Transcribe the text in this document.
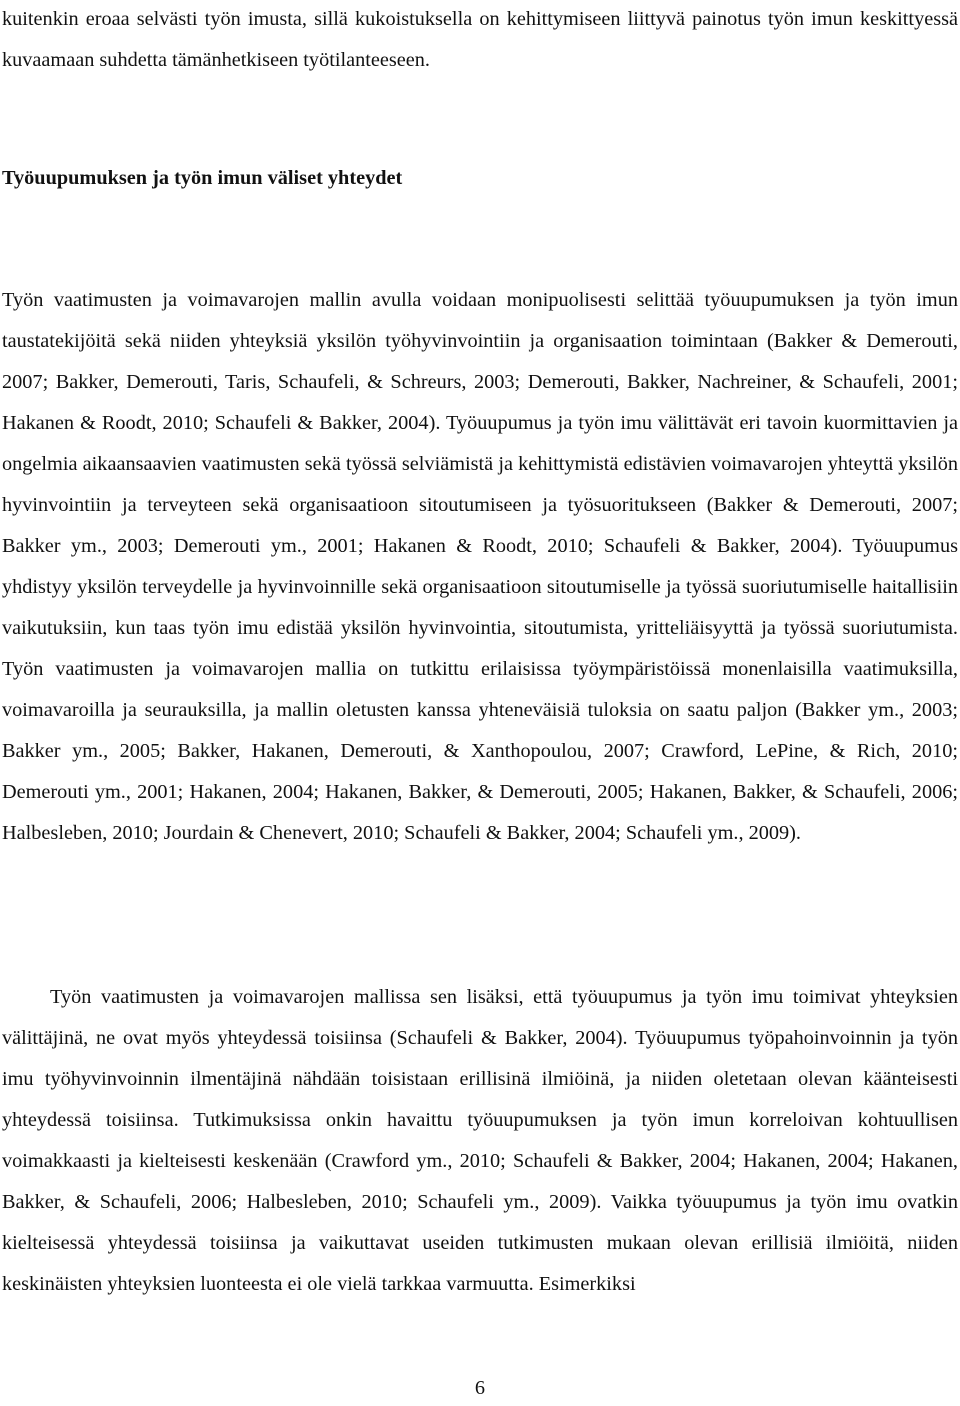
kuitenkin eroaa selvästi työn imusta, sillä kukoistuksella on kehittymiseen liittyvä painotus työn imun keskittyessä kuvaamaan suhdetta tämänhetkiseen työtilanteeseen.

Työuupumuksen ja työn imun väliset yhteydet

Työn vaatimusten ja voimavarojen mallin avulla voidaan monipuolisesti selittää työuupumuksen ja työn imun taustatekijöitä sekä niiden yhteyksiä yksilön työhyvinvointiin ja organisaation toimintaan (Bakker & Demerouti, 2007; Bakker, Demerouti, Taris, Schaufeli, & Schreurs, 2003; Demerouti, Bakker, Nachreiner, & Schaufeli, 2001; Hakanen & Roodt, 2010; Schaufeli & Bakker, 2004). Työuupumus ja työn imu välittävät eri tavoin kuormittavien ja ongelmia aikaansaavien vaatimusten sekä työssä selviämistä ja kehittymistä edistävien voimavarojen yhteyttä yksilön hyvinvointiin ja terveyteen sekä organisaatioon sitoutumiseen ja työsuoritukseen (Bakker & Demerouti, 2007; Bakker ym., 2003; Demerouti ym., 2001; Hakanen & Roodt, 2010; Schaufeli & Bakker, 2004). Työuupumus yhdistyy yksilön terveydelle ja hyvinvoinnille sekä organisaatioon sitoutumiselle ja työssä suoriutumiselle haitallisiin vaikutuksiin, kun taas työn imu edistää yksilön hyvinvointia, sitoutumista, yritteliäisyyttä ja työssä suoriutumista. Työn vaatimusten ja voimavarojen mallia on tutkittu erilaisissa työympäristöissä monenlaisilla vaatimuksilla, voimavaroilla ja seurauksilla, ja mallin oletusten kanssa yhteneväisiä tuloksia on saatu paljon (Bakker ym., 2003; Bakker ym., 2005; Bakker, Hakanen, Demerouti, & Xanthopoulou, 2007; Crawford, LePine, & Rich, 2010; Demerouti ym., 2001; Hakanen, 2004; Hakanen, Bakker, & Demerouti, 2005; Hakanen, Bakker, & Schaufeli, 2006; Halbesleben, 2010; Jourdain & Chenevert, 2010; Schaufeli & Bakker, 2004; Schaufeli ym., 2009).

Työn vaatimusten ja voimavarojen mallissa sen lisäksi, että työuupumus ja työn imu toimivat yhteyksien välittäjinä, ne ovat myös yhteydessä toisiinsa (Schaufeli & Bakker, 2004). Työuupumus työpahoinvoinnin ja työn imu työhyvinvoinnin ilmentäjinä nähdään toisistaan erillisinä ilmiöinä, ja niiden oletetaan olevan käänteisesti yhteydessä toisiinsa. Tutkimuksissa onkin havaittu työuupumuksen ja työn imun korreloivan kohtuullisen voimakkaasti ja kielteisesti keskenään (Crawford ym., 2010; Schaufeli & Bakker, 2004; Hakanen, 2004; Hakanen, Bakker, & Schaufeli, 2006; Halbesleben, 2010; Schaufeli ym., 2009). Vaikka työuupumus ja työn imu ovatkin kielteisessä yhteydessä toisiinsa ja vaikuttavat useiden tutkimusten mukaan olevan erillisiä ilmiöitä, niiden keskinäisten yhteyksien luonteesta ei ole vielä tarkkaa varmuutta. Esimerkiksi

6
